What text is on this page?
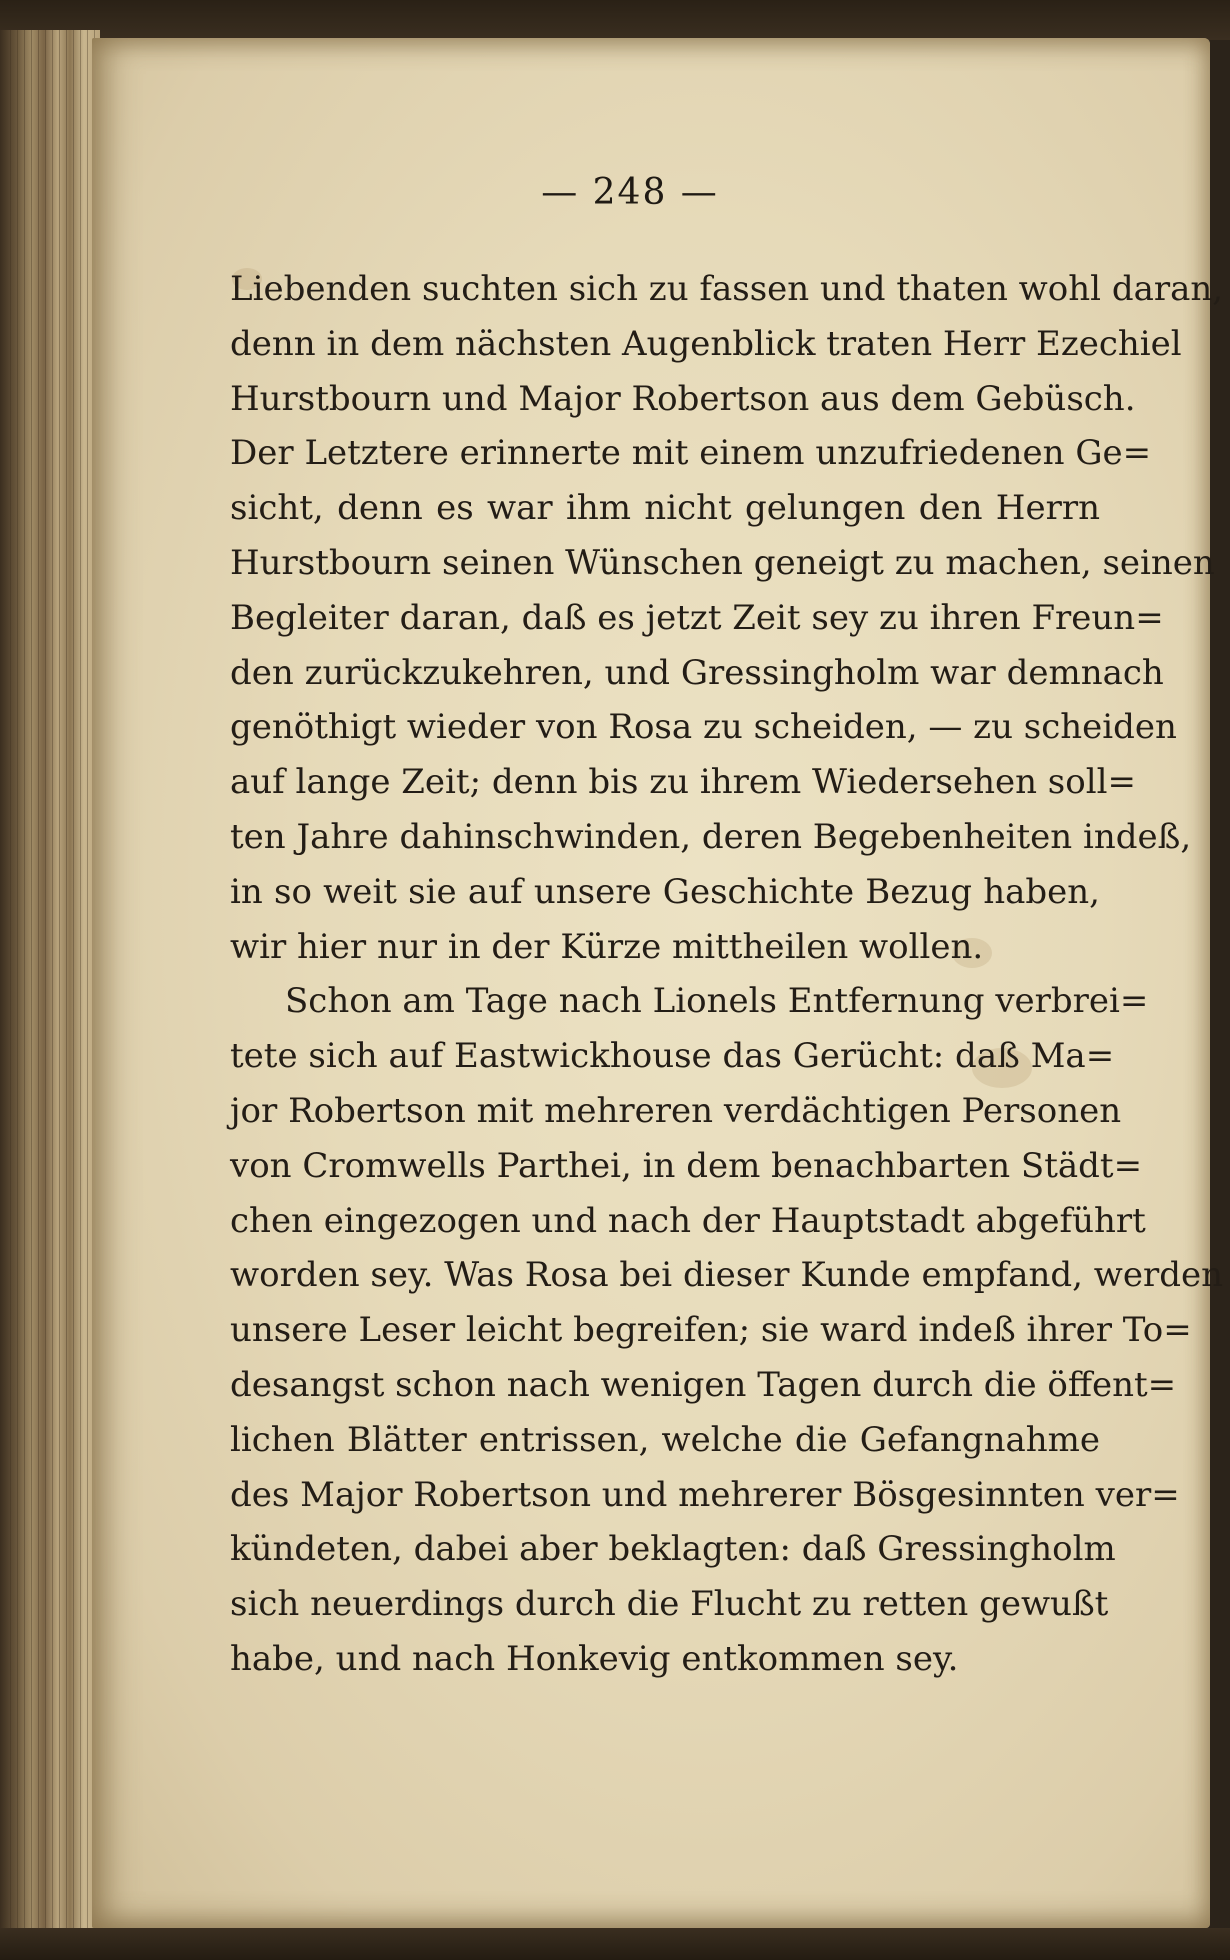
— 248 —
Liebenden suchten sich zu fassen und thaten wohl daran,
denn in dem nächsten Augenblick traten Herr Ezechiel
Hurstbourn und Major Robertson aus dem Gebüsch.
Der Letztere erinnerte mit einem unzufriedenen Ge=
sicht, denn es war ihm nicht gelungen den Herrn
Hurstbourn seinen Wünschen geneigt zu machen, seinen
Begleiter daran, daß es jetzt Zeit sey zu ihren Freun=
den zurückzukehren, und Gressingholm war demnach
genöthigt wieder von Rosa zu scheiden, — zu scheiden
auf lange Zeit; denn bis zu ihrem Wiedersehen soll=
ten Jahre dahinschwinden, deren Begebenheiten indeß,
in so weit sie auf unsere Geschichte Bezug haben,
wir hier nur in der Kürze mittheilen wollen.
Schon am Tage nach Lionels Entfernung verbrei=
tete sich auf Eastwickhouse das Gerücht: daß Ma=
jor Robertson mit mehreren verdächtigen Personen
von Cromwells Parthei, in dem benachbarten Städt=
chen eingezogen und nach der Hauptstadt abgeführt
worden sey. Was Rosa bei dieser Kunde empfand, werden
unsere Leser leicht begreifen; sie ward indeß ihrer To=
desangst schon nach wenigen Tagen durch die öffent=
lichen Blätter entrissen, welche die Gefangnahme
des Major Robertson und mehrerer Bösgesinnten ver=
kündeten, dabei aber beklagten: daß Gressingholm
sich neuerdings durch die Flucht zu retten gewußt
habe, und nach Honkevig entkommen sey.
